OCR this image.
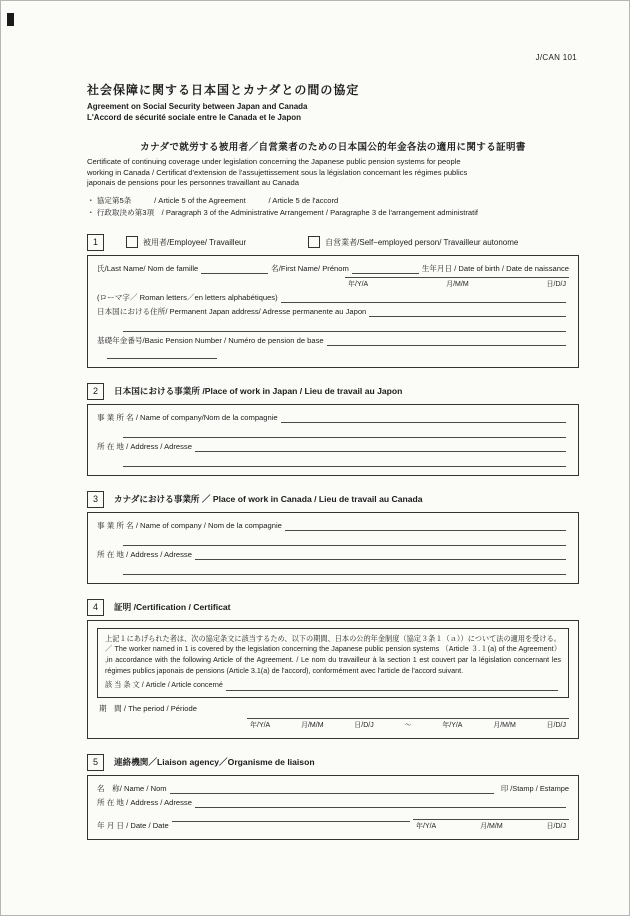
J/CAN 101
社会保障に関する日本国とカナダとの間の協定
Agreement on Social Security between Japan and Canada
L'Accord de sécurité sociale entre le Canada et le Japon
カナダで就労する被用者／自営業者のための日本国公的年金各法の適用に関する証明書
Certificate of continuing coverage under legislation concerning the Japanese public pension systems for people
working in Canada / Certificat d'extension de l'assujettissement sous la législation concernant les régimes publics
japonais de pensions pour les personnes travaillant au Canada
・ 協定第5条　　　/ Article 5 of the Agreement　　　/ Article 5 de l'accord
・ 行政取決め第3項　/ Paragraph 3 of the Administrative Arrangement / Paragraphe 3 de l'arrangement administratif
1	被用者/Employee/ Travailleur	自営業者/Self−employed person/ Travailleur autonome
氏/Last Name/ Nom de famille	名/First Name/ Prénom	生年月日 / Date of birth / Date de naissance
年/Y/A	月/M/M	日/D/J
(ローマ字／ Roman letters／en letters alphabétiques)
日本国における住所/ Permanent Japan address/ Adresse permanente au Japon
基礎年金番号/Basic Pension Number / Numéro de pension de base
2	日本国における事業所 /Place of work in Japan / Lieu de travail au Japon
事 業 所 名 / Name of company/Nom de la compagnie
所 在 地 / Address / Adresse
3	カナダにおける事業所 ／ Place of work in Canada / Lieu de travail au Canada
事 業 所 名 / Name of company / Nom de la compagnie
所 在 地 / Address / Adresse
4	証明 /Certification / Certificat
上記１にあげられた者は、次の協定条文に該当するため、以下の期間、日本の公的年金制度（協定３条１（ａ））について法の適用を受ける。／ The worker named in 1 is covered by the legislation concerning the Japanese public pension systems （Article ３.１(a) of the Agreement） ,in accordance with the following Article of the Agreement. / Le nom du travailleur à la section 1 est couvert par la législation concernant les régimes publics japonais de pensions (Article 3.1(a) de l'accord), conformément avec l'article de l'accord suivant.
該 当 条 文 / Article / Article concerné
期　間 / The period / Période
年/Y/A	月/M/M	日/D/J	～	年/Y/A	月/M/M	日/D/J
5	連絡機関／Liaison agency／Organisme de liaison
名　称/ Name / Nom	印 /Stamp / Estampe
所 在 地 / Address / Adresse
年 月 日 / Date / Date	年/Y/A	月/M/M	日/D/J
